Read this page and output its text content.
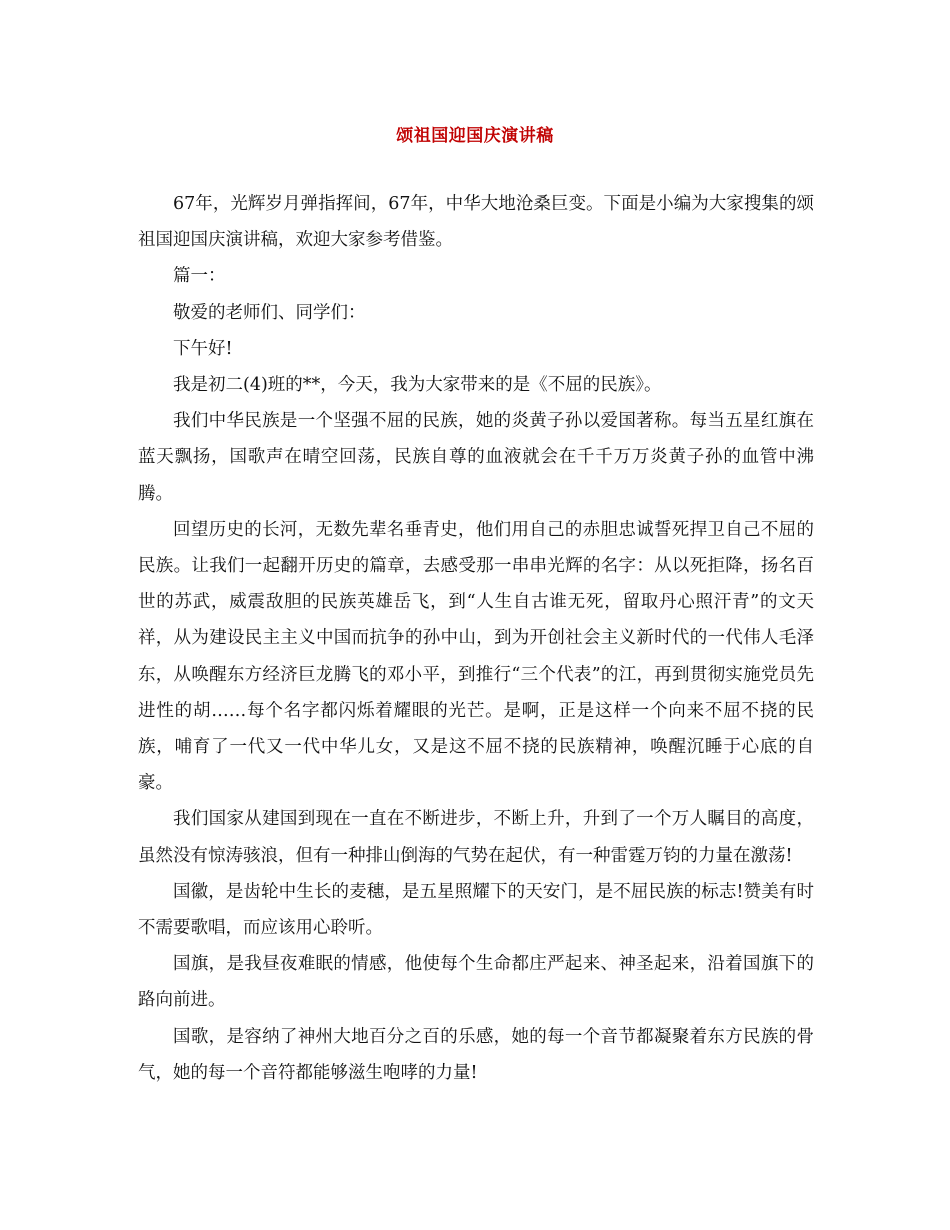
颂祖国迎国庆演讲稿

67年，光辉岁月弹指挥间，67年，中华大地沧桑巨变。下面是小编为大家搜集的颂祖国迎国庆演讲稿，欢迎大家参考借鉴。

篇一：

敬爱的老师们、同学们：

下午好!

我是初二(4)班的**，今天，我为大家带来的是《不屈的民族》。

我们中华民族是一个坚强不屈的民族，她的炎黄子孙以爱国著称。每当五星红旗在蓝天飘扬，国歌声在晴空回荡，民族自尊的血液就会在千千万万炎黄子孙的血管中沸腾。

回望历史的长河，无数先辈名垂青史，他们用自己的赤胆忠诚誓死捍卫自己不屈的民族。让我们一起翻开历史的篇章，去感受那一串串光辉的名字：从以死拒降，扬名百世的苏武，威震敌胆的民族英雄岳飞，到“人生自古谁无死，留取丹心照汗青”的文天祥，从为建设民主主义中国而抗争的孙中山，到为开创社会主义新时代的一代伟人毛泽东，从唤醒东方经济巨龙腾飞的邓小平，到推行“三个代表”的江，再到贯彻实施党员先进性的胡……每个名字都闪烁着耀眼的光芒。是啊，正是这样一个向来不屈不挠的民族，哺育了一代又一代中华儿女，又是这不屈不挠的民族精神，唤醒沉睡于心底的自豪。

我们国家从建国到现在一直在不断进步，不断上升，升到了一个万人瞩目的高度，虽然没有惊涛骇浪，但有一种排山倒海的气势在起伏，有一种雷霆万钧的力量在激荡!

国徽，是齿轮中生长的麦穗，是五星照耀下的天安门，是不屈民族的标志!赞美有时不需要歌唱，而应该用心聆听。

国旗，是我昼夜难眠的情感，他使每个生命都庄严起来、神圣起来，沿着国旗下的路向前进。

国歌，是容纳了神州大地百分之百的乐感，她的每一个音节都凝聚着东方民族的骨气，她的每一个音符都能够滋生咆哮的力量!
